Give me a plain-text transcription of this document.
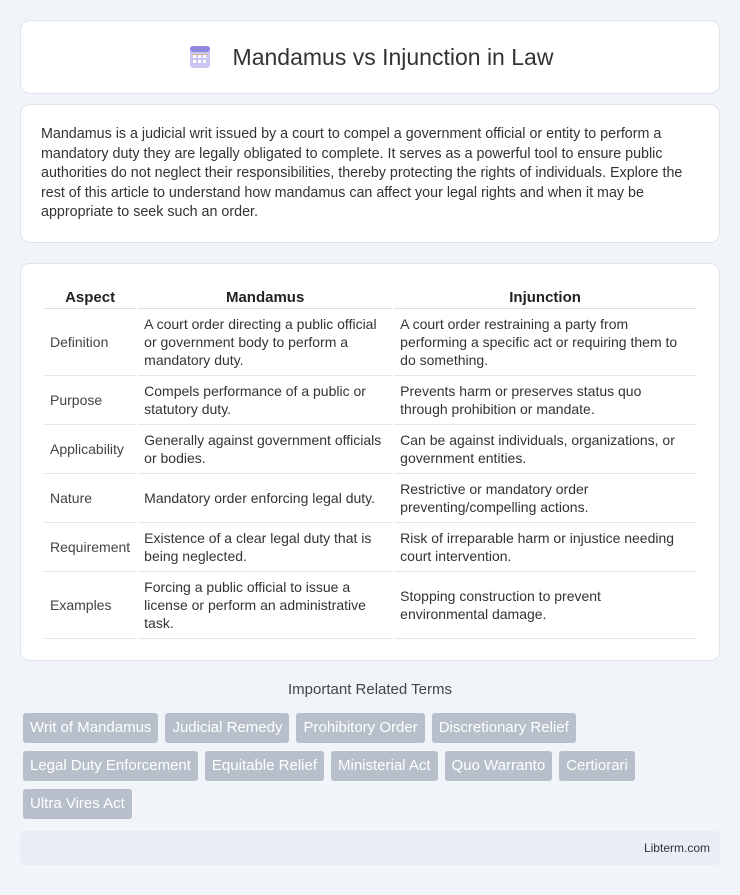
Mandamus vs Injunction in Law

Mandamus is a judicial writ issued by a court to compel a government official or entity to perform a mandatory duty they are legally obligated to complete. It serves as a powerful tool to ensure public authorities do not neglect their responsibilities, thereby protecting the rights of individuals. Explore the rest of this article to understand how mandamus can affect your legal rights and when it may be appropriate to seek such an order.

Aspect	Mandamus	Injunction
Definition	A court order directing a public official or government body to perform a mandatory duty.	A court order restraining a party from performing a specific act or requiring them to do something.
Purpose	Compels performance of a public or statutory duty.	Prevents harm or preserves status quo through prohibition or mandate.
Applicability	Generally against government officials or bodies.	Can be against individuals, organizations, or government entities.
Nature	Mandatory order enforcing legal duty.	Restrictive or mandatory order preventing/compelling actions.
Requirement	Existence of a clear legal duty that is being neglected.	Risk of irreparable harm or injustice needing court intervention.
Examples	Forcing a public official to issue a license or perform an administrative task.	Stopping construction to prevent environmental damage.
Important Related Terms
Writ of Mandamus	Judicial Remedy	Prohibitory Order	Discretionary Relief
Legal Duty Enforcement	Equitable Relief	Ministerial Act	Quo Warranto	Certiorari
Ultra Vires Act
Libterm.com
